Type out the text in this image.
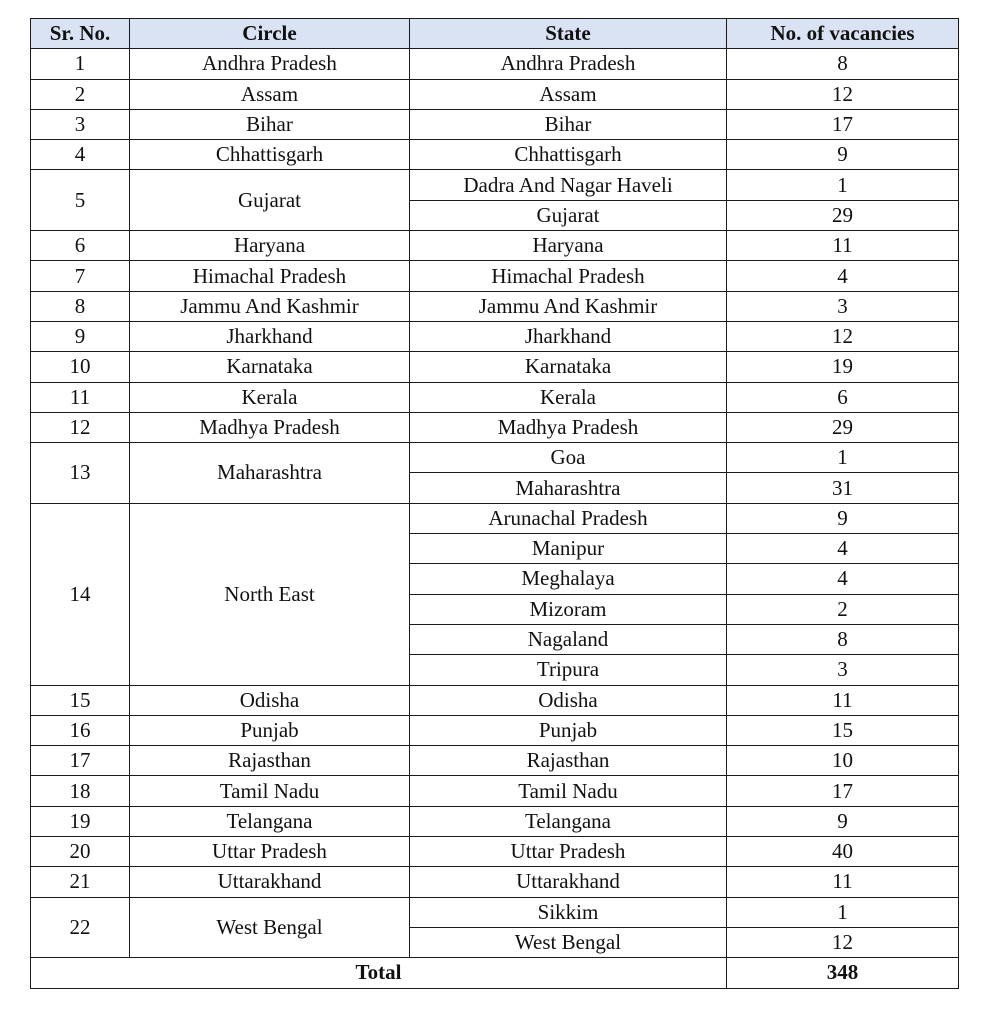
Sr. No.	Circle	State	No. of vacancies
1	Andhra Pradesh	Andhra Pradesh	8
2	Assam	Assam	12
3	Bihar	Bihar	17
4	Chhattisgarh	Chhattisgarh	9
5	Gujarat	Dadra And Nagar Haveli	1
		Gujarat	29
6	Haryana	Haryana	11
7	Himachal Pradesh	Himachal Pradesh	4
8	Jammu And Kashmir	Jammu And Kashmir	3
9	Jharkhand	Jharkhand	12
10	Karnataka	Karnataka	19
11	Kerala	Kerala	6
12	Madhya Pradesh	Madhya Pradesh	29
13	Maharashtra	Goa	1
		Maharashtra	31
14	North East	Arunachal Pradesh	9
		Manipur	4
		Meghalaya	4
		Mizoram	2
		Nagaland	8
		Tripura	3
15	Odisha	Odisha	11
16	Punjab	Punjab	15
17	Rajasthan	Rajasthan	10
18	Tamil Nadu	Tamil Nadu	17
19	Telangana	Telangana	9
20	Uttar Pradesh	Uttar Pradesh	40
21	Uttarakhand	Uttarakhand	11
22	West Bengal	Sikkim	1
		West Bengal	12
Total			348
